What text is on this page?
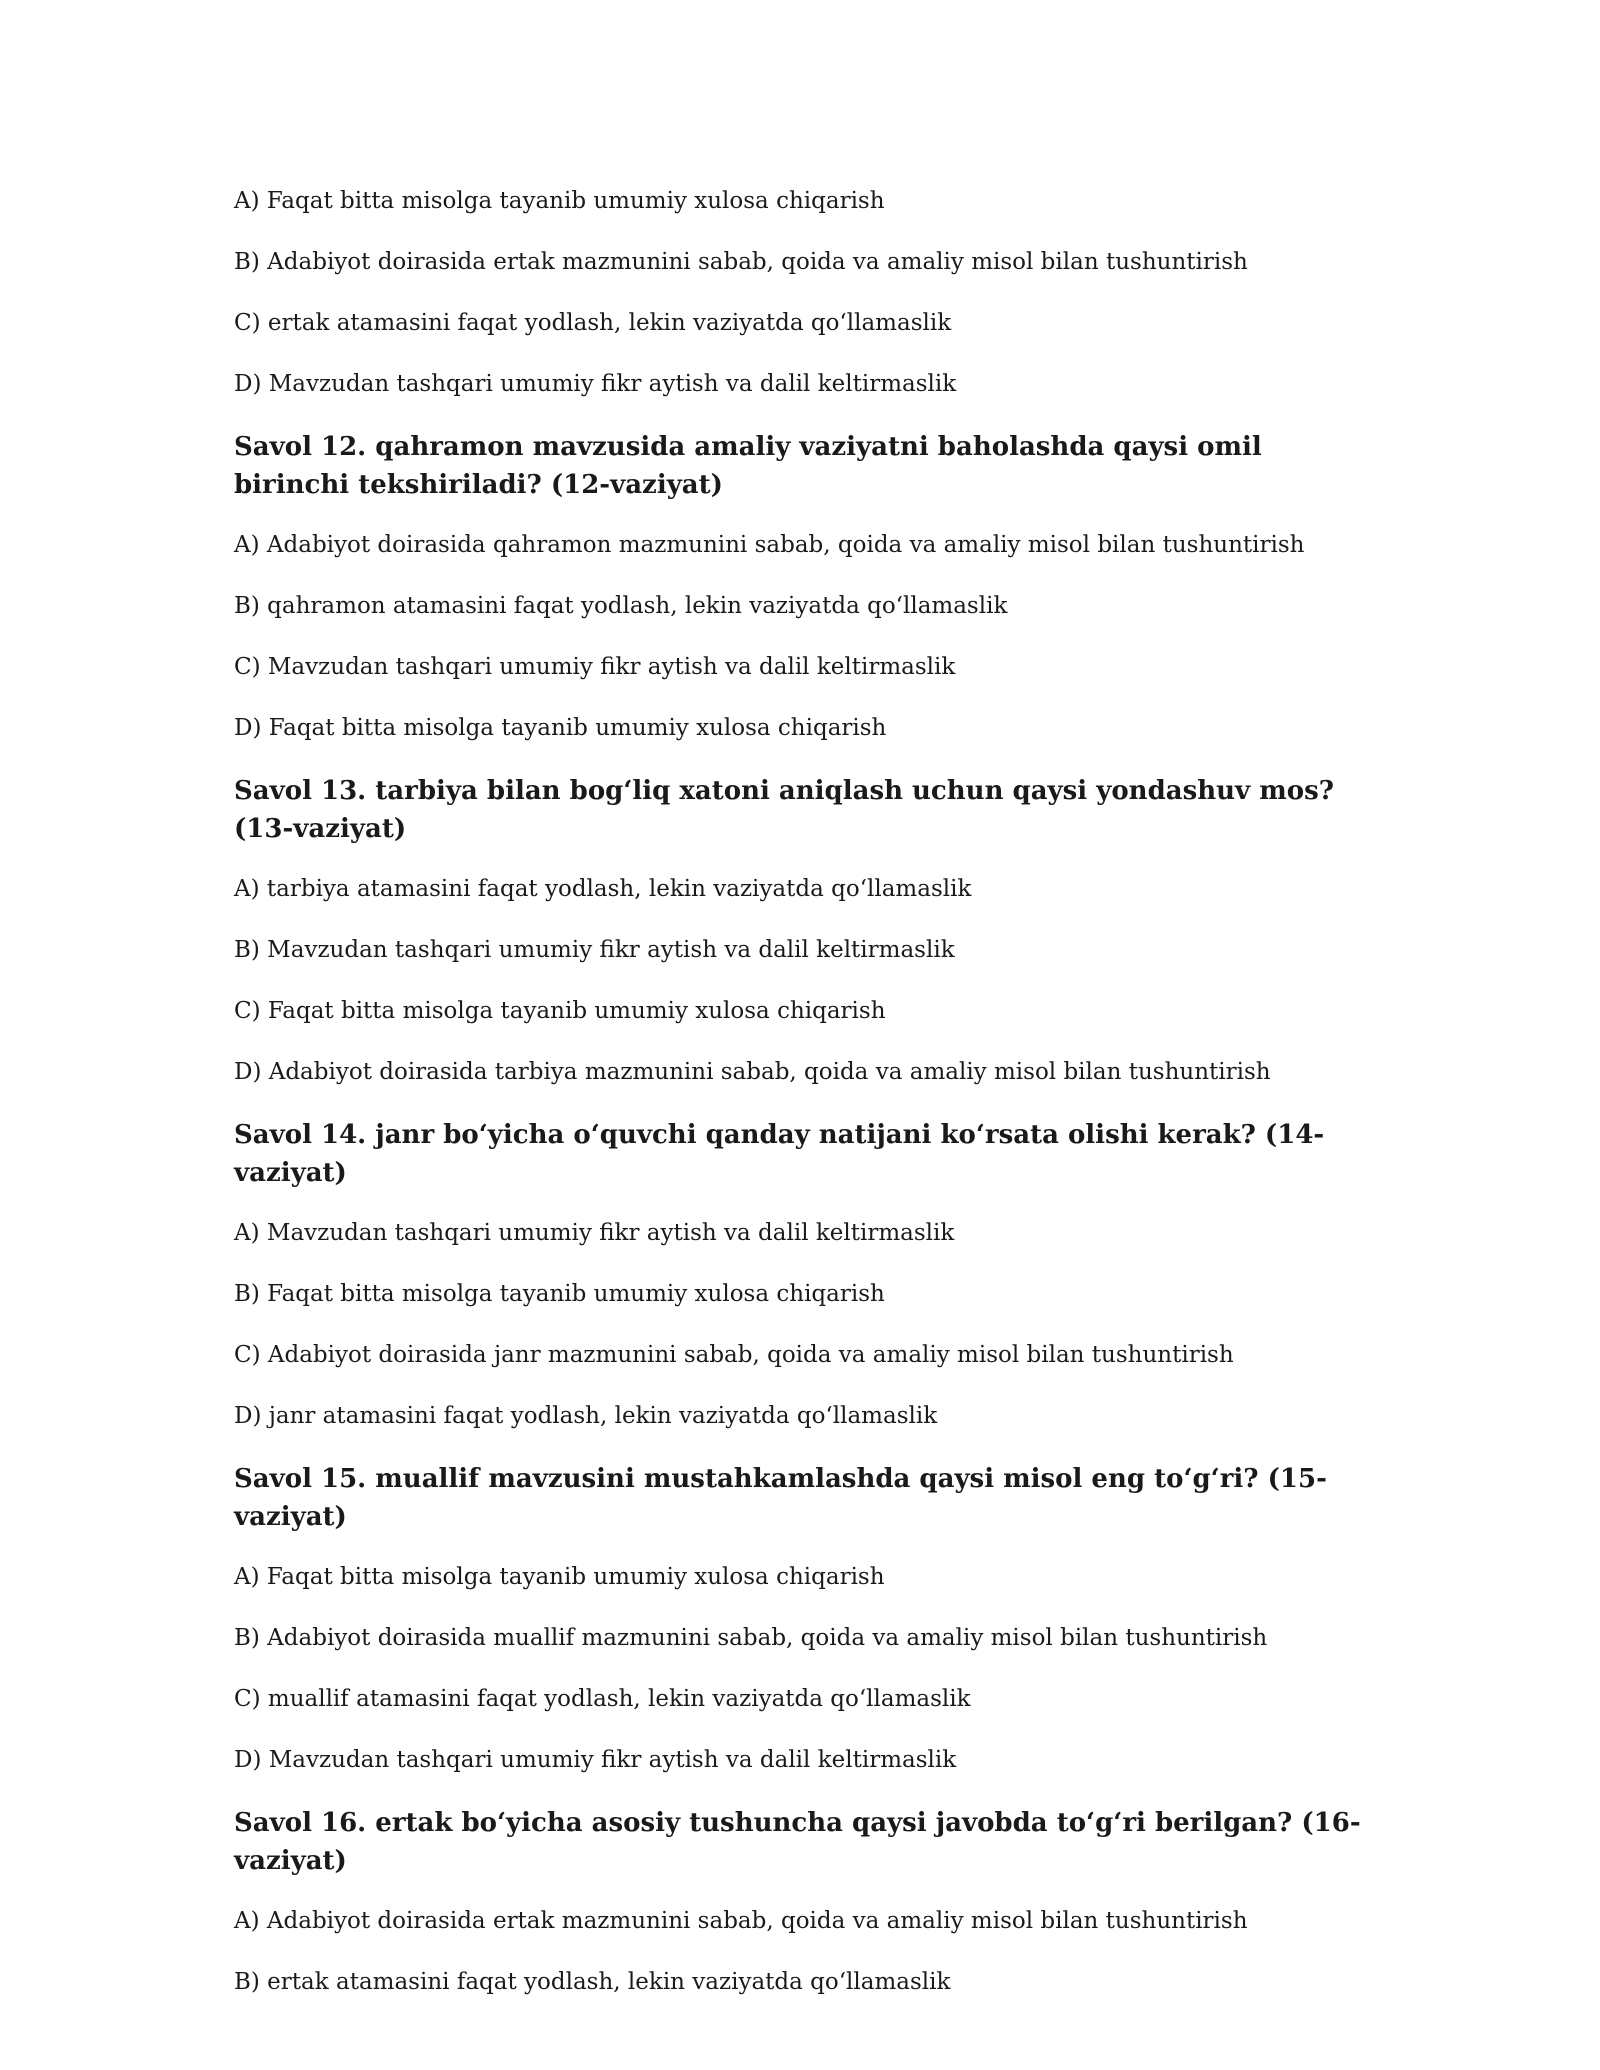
A) Faqat bitta misolga tayanib umumiy xulosa chiqarish
B) Adabiyot doirasida ertak mazmunini sabab, qoida va amaliy misol bilan tushuntirish
C) ertak atamasini faqat yodlash, lekin vaziyatda qo‘llamaslik
D) Mavzudan tashqari umumiy fikr aytish va dalil keltirmaslik
Savol 12. qahramon mavzusida amaliy vaziyatni baholashda qaysi omil birinchi tekshiriladi? (12-vaziyat)
A) Adabiyot doirasida qahramon mazmunini sabab, qoida va amaliy misol bilan tushuntirish
B) qahramon atamasini faqat yodlash, lekin vaziyatda qo‘llamaslik
C) Mavzudan tashqari umumiy fikr aytish va dalil keltirmaslik
D) Faqat bitta misolga tayanib umumiy xulosa chiqarish
Savol 13. tarbiya bilan bog‘liq xatoni aniqlash uchun qaysi yondashuv mos? (13-vaziyat)
A) tarbiya atamasini faqat yodlash, lekin vaziyatda qo‘llamaslik
B) Mavzudan tashqari umumiy fikr aytish va dalil keltirmaslik
C) Faqat bitta misolga tayanib umumiy xulosa chiqarish
D) Adabiyot doirasida tarbiya mazmunini sabab, qoida va amaliy misol bilan tushuntirish
Savol 14. janr bo‘yicha o‘quvchi qanday natijani ko‘rsata olishi kerak? (14-vaziyat)
A) Mavzudan tashqari umumiy fikr aytish va dalil keltirmaslik
B) Faqat bitta misolga tayanib umumiy xulosa chiqarish
C) Adabiyot doirasida janr mazmunini sabab, qoida va amaliy misol bilan tushuntirish
D) janr atamasini faqat yodlash, lekin vaziyatda qo‘llamaslik
Savol 15. muallif mavzusini mustahkamlashda qaysi misol eng to‘g‘ri? (15-vaziyat)
A) Faqat bitta misolga tayanib umumiy xulosa chiqarish
B) Adabiyot doirasida muallif mazmunini sabab, qoida va amaliy misol bilan tushuntirish
C) muallif atamasini faqat yodlash, lekin vaziyatda qo‘llamaslik
D) Mavzudan tashqari umumiy fikr aytish va dalil keltirmaslik
Savol 16. ertak bo‘yicha asosiy tushuncha qaysi javobda to‘g‘ri berilgan? (16-vaziyat)
A) Adabiyot doirasida ertak mazmunini sabab, qoida va amaliy misol bilan tushuntirish
B) ertak atamasini faqat yodlash, lekin vaziyatda qo‘llamaslik
